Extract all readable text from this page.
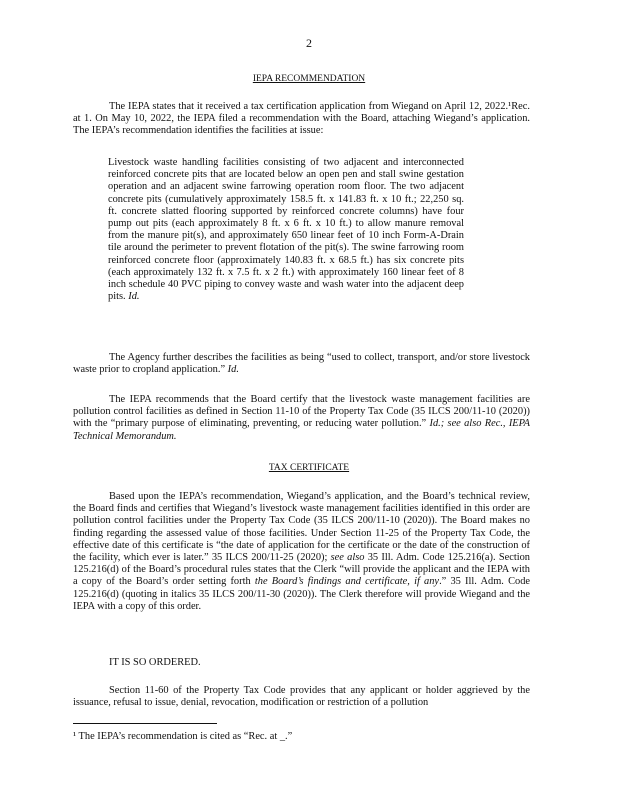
2
IEPA RECOMMENDATION

The IEPA states that it received a tax certification application from Wiegand on April 12, 2022.¹Rec. at 1. On May 10, 2022, the IEPA filed a recommendation with the Board, attaching Wiegand’s application. The IEPA’s recommendation identifies the facilities at issue:

Livestock waste handling facilities consisting of two adjacent and interconnected reinforced concrete pits that are located below an open pen and stall swine gestation operation and an adjacent swine farrowing operation room floor. The two adjacent concrete pits (cumulatively approximately 158.5 ft. x 141.83 ft. x 10 ft.; 22,250 sq. ft. concrete slatted flooring supported by reinforced concrete columns) have four pump out pits (each approximately 8 ft. x 6 ft. x 10 ft.) to allow manure removal from the manure pit(s), and approximately 650 linear feet of 10 inch Form-A-Drain tile around the perimeter to prevent flotation of the pit(s). The swine farrowing room reinforced concrete floor (approximately 140.83 ft. x 68.5 ft.) has six concrete pits (each approximately 132 ft. x 7.5 ft. x 2 ft.) with approximately 160 linear feet of 8 inch schedule 40 PVC piping to convey waste and wash water into the adjacent deep pits. Id.

The Agency further describes the facilities as being “used to collect, transport, and/or store livestock waste prior to cropland application.” Id.

The IEPA recommends that the Board certify that the livestock waste management facilities are pollution control facilities as defined in Section 11-10 of the Property Tax Code (35 ILCS 200/11-10 (2020)) with the “primary purpose of eliminating, preventing, or reducing water pollution.” Id.; see also Rec., IEPA Technical Memorandum.

TAX CERTIFICATE

Based upon the IEPA’s recommendation, Wiegand’s application, and the Board’s technical review, the Board finds and certifies that Wiegand’s livestock waste management facilities identified in this order are pollution control facilities under the Property Tax Code (35 ILCS 200/11-10 (2020)). The Board makes no finding regarding the assessed value of those facilities. Under Section 11-25 of the Property Tax Code, the effective date of this certificate is “the date of application for the certificate or the date of the construction of the facility, which ever is later.” 35 ILCS 200/11-25 (2020); see also 35 Ill. Adm. Code 125.216(a). Section 125.216(d) of the Board’s procedural rules states that the Clerk “will provide the applicant and the IEPA with a copy of the Board’s order setting forth the Board’s findings and certificate, if any.” 35 Ill. Adm. Code 125.216(d) (quoting in italics 35 ILCS 200/11-30 (2020)). The Clerk therefore will provide Wiegand and the IEPA with a copy of this order.

IT IS SO ORDERED.

Section 11-60 of the Property Tax Code provides that any applicant or holder aggrieved by the issuance, refusal to issue, denial, revocation, modification or restriction of a pollution

¹ The IEPA’s recommendation is cited as “Rec. at _.”
